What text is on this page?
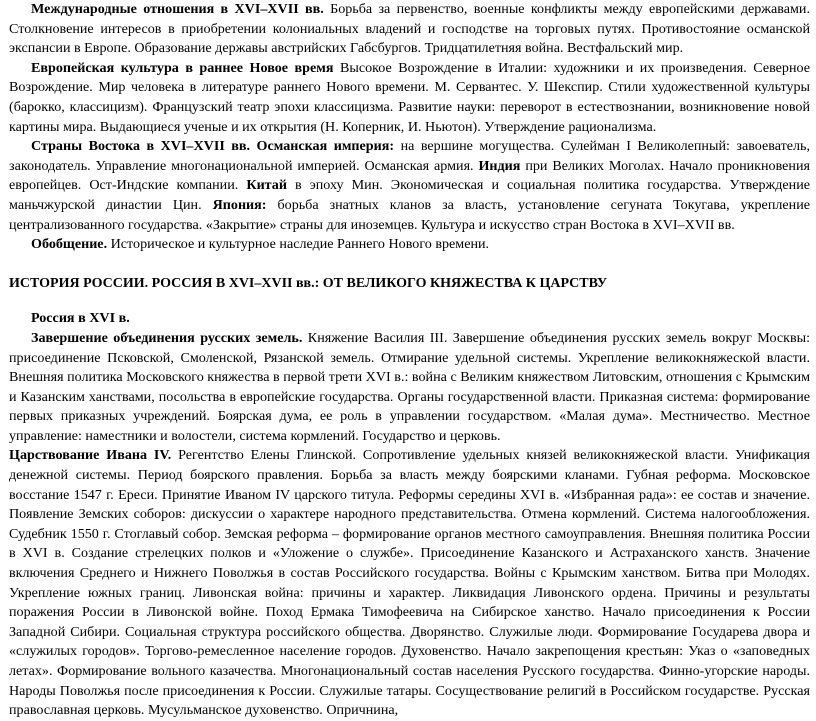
Международные отношения в XVI–XVII вв. Борьба за первенство, военные конфликты между европейскими державами. Столкновение интересов в приобретении колониальных владений и господстве на торговых путях. Противостояние османской экспансии в Европе. Образование державы австрийских Габсбургов. Тридцатилетняя война. Вестфальский мир.

Европейская культура в раннее Новое время Высокое Возрождение в Италии: художники и их произведения. Северное Возрождение. Мир человека в литературе раннего Нового времени. М. Сервантес. У. Шекспир. Стили художественной культуры (барокко, классицизм). Французский театр эпохи классицизма. Развитие науки: переворот в естествознании, возникновение новой картины мира. Выдающиеся ученые и их открытия (Н. Коперник, И. Ньютон). Утверждение рационализма.

Страны Востока в XVI–XVII вв. Османская империя: на вершине могущества. Сулейман I Великолепный: завоеватель, законодатель. Управление многонациональной империей. Османская армия. Индия при Великих Моголах. Начало проникновения европейцев. Ост-Индские компании. Китай в эпоху Мин. Экономическая и социальная политика государства. Утверждение маньчжурской династии Цин. Япония: борьба знатных кланов за власть, установление сегуната Токугава, укрепление централизованного государства. «Закрытие» страны для иноземцев. Культура и искусство стран Востока в XVI–XVII вв.

Обобщение. Историческое и культурное наследие Раннего Нового времени.

ИСТОРИЯ РОССИИ. РОССИЯ В XVI–XVII вв.: ОТ ВЕЛИКОГО КНЯЖЕСТВА К ЦАРСТВУ

Россия в XVI в.

Завершение объединения русских земель. Княжение Василия III. Завершение объединения русских земель вокруг Москвы: присоединение Псковской, Смоленской, Рязанской земель. Отмирание удельной системы. Укрепление великокняжеской власти. Внешняя политика Московского княжества в первой трети XVI в.: война с Великим княжеством Литовским, отношения с Крымским и Казанским ханствами, посольства в европейские государства. Органы государственной власти. Приказная система: формирование первых приказных учреждений. Боярская дума, ее роль в управлении государством. «Малая дума». Местничество. Местное управление: наместники и волостели, система кормлений. Государство и церковь.

Царствование Ивана IV. Регентство Елены Глинской. Сопротивление удельных князей великокняжеской власти. Унификация денежной системы. Период боярского правления. Борьба за власть между боярскими кланами. Губная реформа. Московское восстание 1547 г. Ереси. Принятие Иваном IV царского титула. Реформы середины XVI в. «Избранная рада»: ее состав и значение. Появление Земских соборов: дискуссии о характере народного представительства. Отмена кормлений. Система налогообложения. Судебник 1550 г. Стоглавый собор. Земская реформа – формирование органов местного самоуправления. Внешняя политика России в XVI в. Создание стрелецких полков и «Уложение о службе». Присоединение Казанского и Астраханского ханств. Значение включения Среднего и Нижнего Поволжья в состав Российского государства. Войны с Крымским ханством. Битва при Молодях. Укрепление южных границ. Ливонская война: причины и характер. Ликвидация Ливонского ордена. Причины и результаты поражения России в Ливонской войне. Поход Ермака Тимофеевича на Сибирское ханство. Начало присоединения к России Западной Сибири. Социальная структура российского общества. Дворянство. Служилые люди. Формирование Государева двора и «служилых городов». Торгово-ремесленное население городов. Духовенство. Начало закрепощения крестьян: Указ о «заповедных летах». Формирование вольного казачества. Многонациональный состав населения Русского государства. Финно-угорские народы. Народы Поволжья после присоединения к России. Служилые татары. Сосуществование религий в Российском государстве. Русская православная церковь. Мусульманское духовенство. Опричнина,
